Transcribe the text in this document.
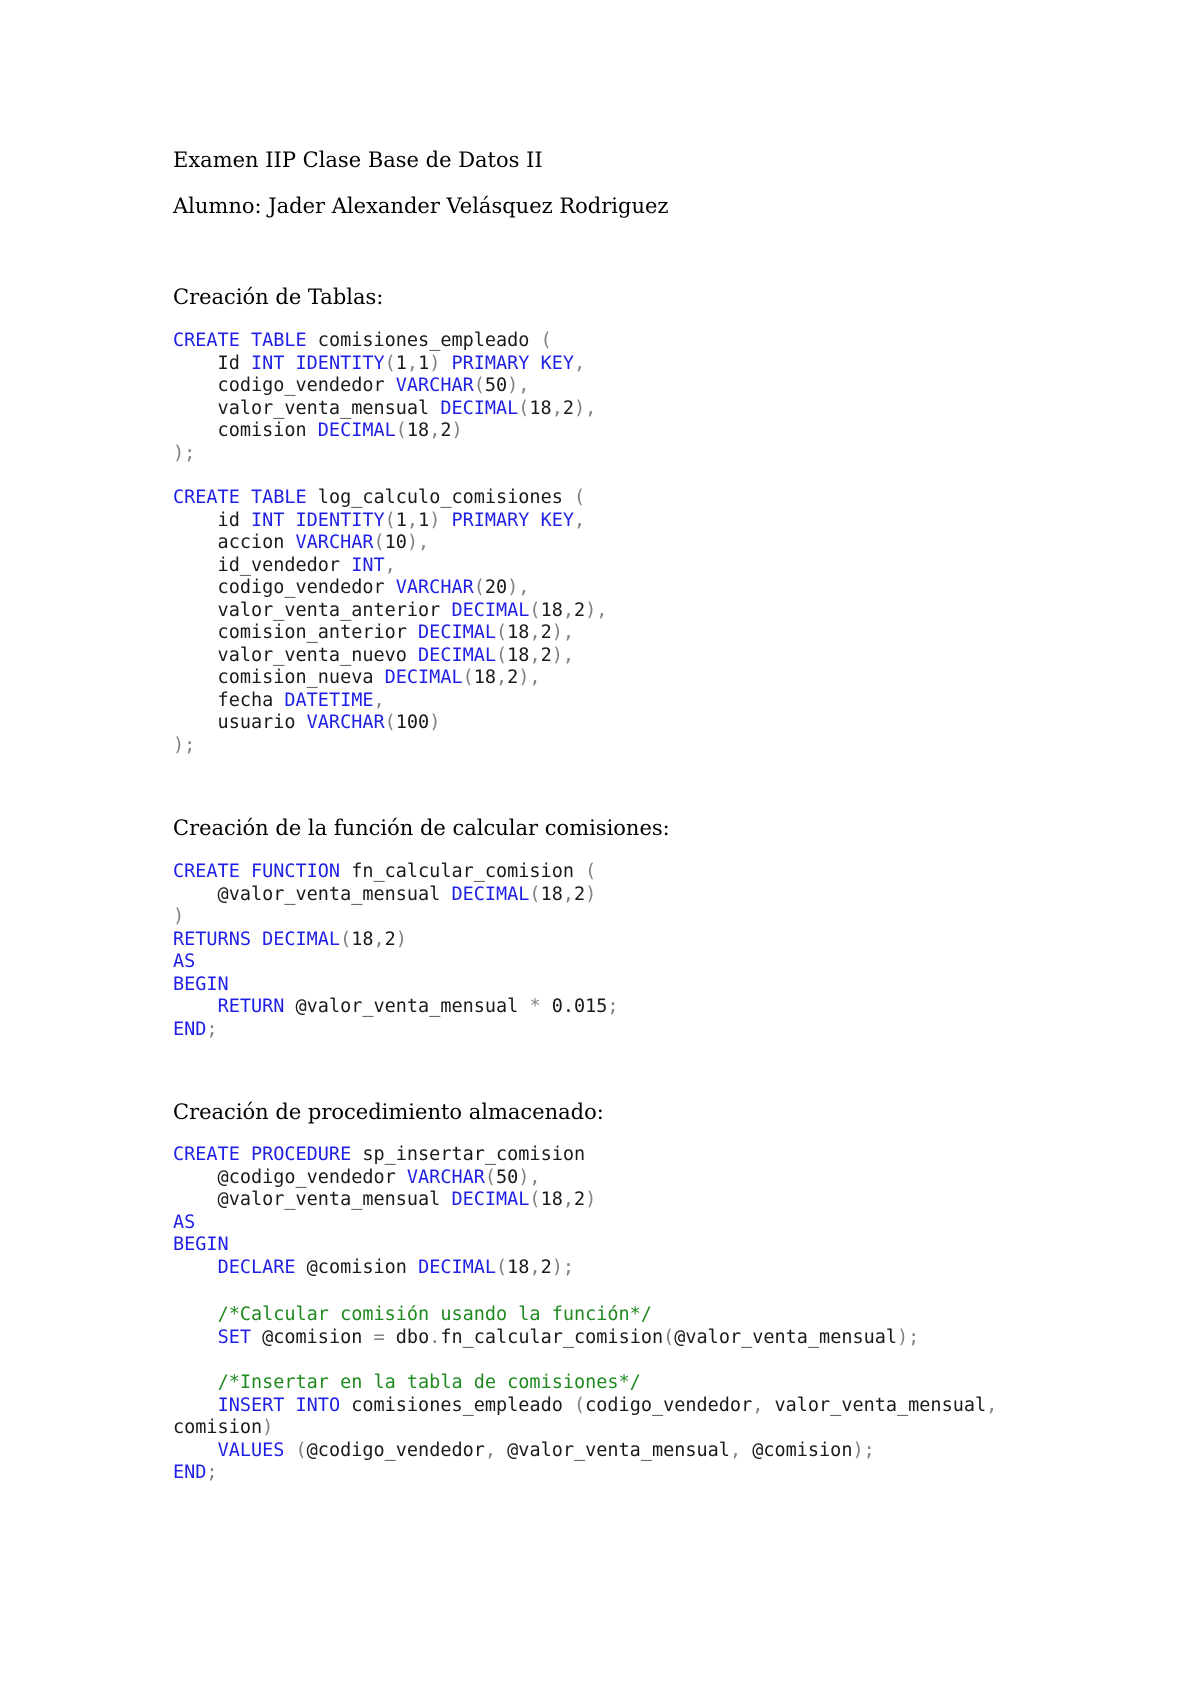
Examen IIP Clase Base de Datos II
Alumno: Jader Alexander Velásquez Rodriguez
Creación de Tablas:
CREATE TABLE comisiones_empleado (
Id INT IDENTITY(1,1) PRIMARY KEY,
codigo_vendedor VARCHAR(50),
valor_venta_mensual DECIMAL(18,2),
comision DECIMAL(18,2)
);
CREATE TABLE log_calculo_comisiones (
id INT IDENTITY(1,1) PRIMARY KEY,
accion VARCHAR(10),
id_vendedor INT,
codigo_vendedor VARCHAR(20),
valor_venta_anterior DECIMAL(18,2),
comision_anterior DECIMAL(18,2),
valor_venta_nuevo DECIMAL(18,2),
comision_nueva DECIMAL(18,2),
fecha DATETIME,
usuario VARCHAR(100)
);
Creación de la función de calcular comisiones:
CREATE FUNCTION fn_calcular_comision (
@valor_venta_mensual DECIMAL(18,2)
)
RETURNS DECIMAL(18,2)
AS
BEGIN
RETURN @valor_venta_mensual * 0.015;
END;
Creación de procedimiento almacenado:
CREATE PROCEDURE sp_insertar_comision
@codigo_vendedor VARCHAR(50),
@valor_venta_mensual DECIMAL(18,2)
AS
BEGIN
DECLARE @comision DECIMAL(18,2);
/*Calcular comisión usando la función*/
SET @comision = dbo.fn_calcular_comision(@valor_venta_mensual);
/*Insertar en la tabla de comisiones*/
INSERT INTO comisiones_empleado (codigo_vendedor, valor_venta_mensual,
comision)
VALUES (@codigo_vendedor, @valor_venta_mensual, @comision);
END;
